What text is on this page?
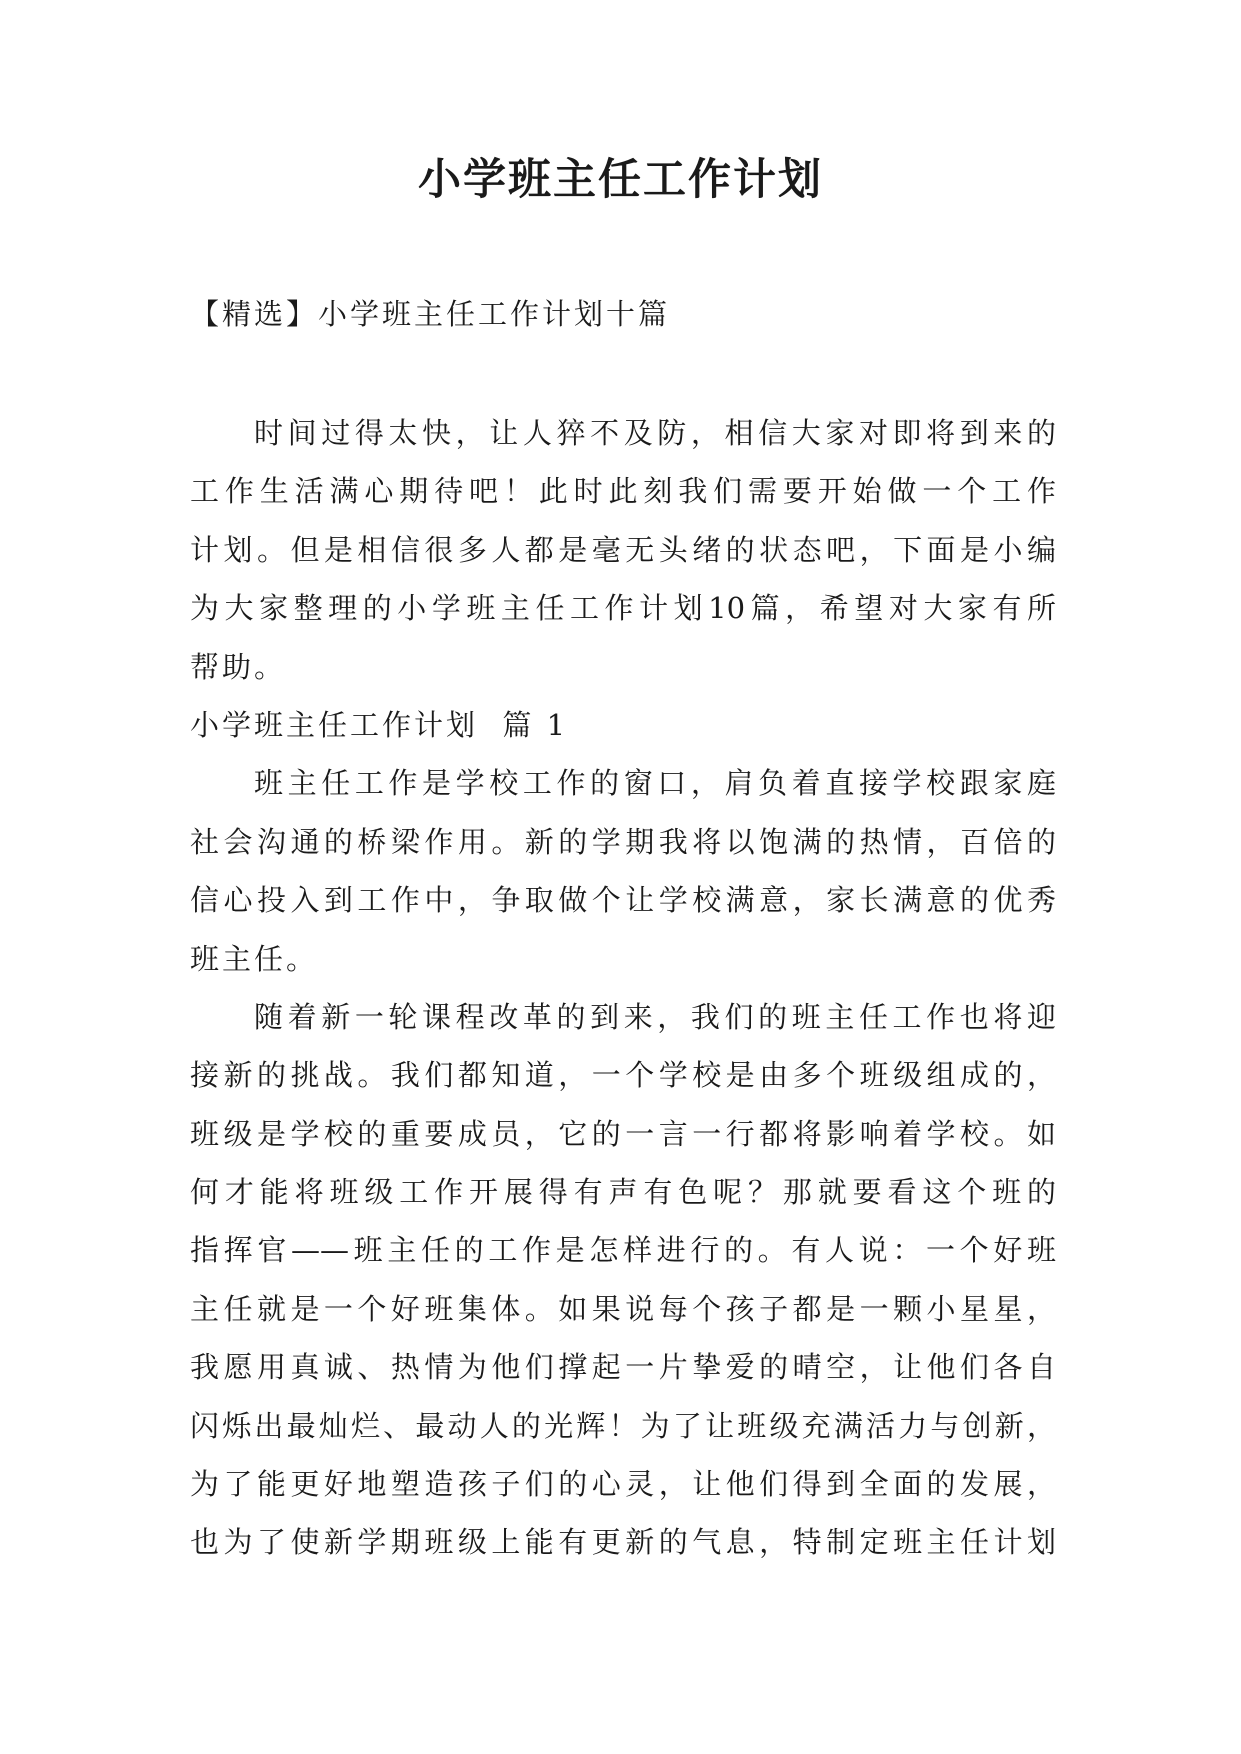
小学班主任工作计划
【精选】小学班主任工作计划十篇
时间过得太快，让人猝不及防，相信大家对即将到来的
工作生活满心期待吧！此时此刻我们需要开始做一个工作
计划。但是相信很多人都是毫无头绪的状态吧，下面是小编
为大家整理的小学班主任工作计划10篇，希望对大家有所
帮助。
小学班主任工作计划  篇 1
班主任工作是学校工作的窗口，肩负着直接学校跟家庭
社会沟通的桥梁作用。新的学期我将以饱满的热情，百倍的
信心投入到工作中，争取做个让学校满意，家长满意的优秀
班主任。
随着新一轮课程改革的到来，我们的班主任工作也将迎
接新的挑战。我们都知道，一个学校是由多个班级组成的，
班级是学校的重要成员，它的一言一行都将影响着学校。如
何才能将班级工作开展得有声有色呢？那就要看这个班的
指挥官——班主任的工作是怎样进行的。有人说：一个好班
主任就是一个好班集体。如果说每个孩子都是一颗小星星，
我愿用真诚、热情为他们撑起一片挚爱的晴空，让他们各自
闪烁出最灿烂、最动人的光辉！为了让班级充满活力与创新，
为了能更好地塑造孩子们的心灵，让他们得到全面的发展，
也为了使新学期班级上能有更新的气息，特制定班主任计划
